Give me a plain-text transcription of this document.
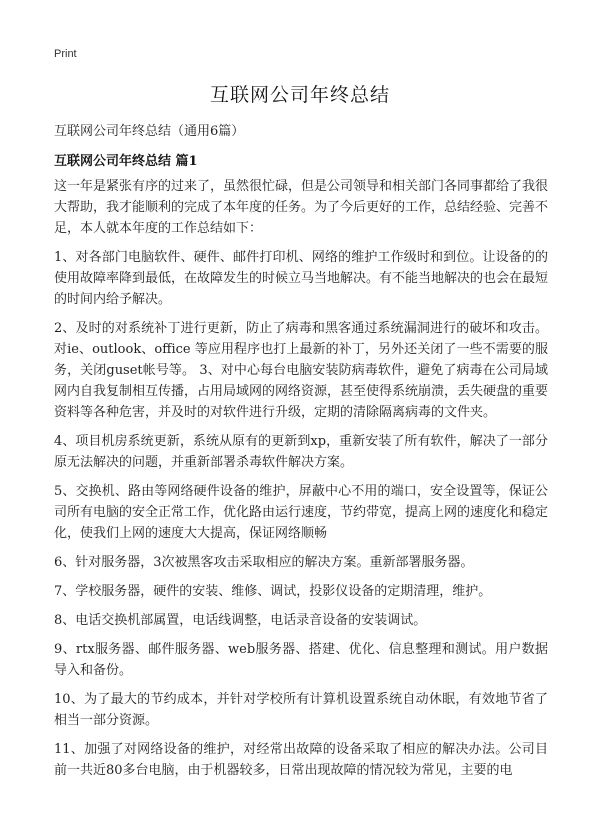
Print
互联网公司年终总结
互联网公司年终总结（通用6篇）
互联网公司年终总结 篇1

这一年是紧张有序的过来了，虽然很忙碌，但是公司领导和相关部门各同事都给了我很大帮助，我才能顺利的完成了本年度的任务。为了今后更好的工作，总结经验、完善不足，本人就本年度的工作总结如下：

1、对各部门电脑软件、硬件、邮件打印机、网络的维护工作级时和到位。让设备的的使用故障率降到最低，在故障发生的时候立马当地解决。有不能当地解决的也会在最短的时间内给予解决。

2、及时的对系统补丁进行更新，防止了病毒和黑客通过系统漏洞进行的破坏和攻击。对ie、outlook、office 等应用程序也打上最新的补丁，另外还关闭了一些不需要的服务，关闭guset帐号等。 3、对中心每台电脑安装防病毒软件，避免了病毒在公司局域网内自我复制相互传播，占用局域网的网络资源，甚至使得系统崩溃，丢失硬盘的重要资料等各种危害，并及时的对软件进行升级，定期的清除隔离病毒的文件夹。

4、项目机房系统更新，系统从原有的更新到xp，重新安装了所有软件，解决了一部分原无法解决的问题，并重新部署杀毒软件解决方案。

5、交换机、路由等网络硬件设备的维护，屏蔽中心不用的端口，安全设置等，保证公司所有电脑的安全正常工作，优化路由运行速度，节约带宽，提高上网的速度化和稳定化，使我们上网的速度大大提高，保证网络顺畅

6、针对服务器，3次被黑客攻击采取相应的解决方案。重新部署服务器。

7、学校服务器，硬件的安装、维修、调试，投影仪设备的定期清理，维护。

8、电话交换机部属置，电话线调整，电话录音设备的安装调试。

9、rtx服务器、邮件服务器、web服务器、搭建、优化、信息整理和测试。用户数据导入和备份。

10、为了最大的节约成本，并针对学校所有计算机设置系统自动休眠，有效地节省了相当一部分资源。

11、加强了对网络设备的维护，对经常出故障的设备采取了相应的解决办法。公司目前一共近80多台电脑，由于机器较多，日常出现故障的情况较为常见，主要的电
